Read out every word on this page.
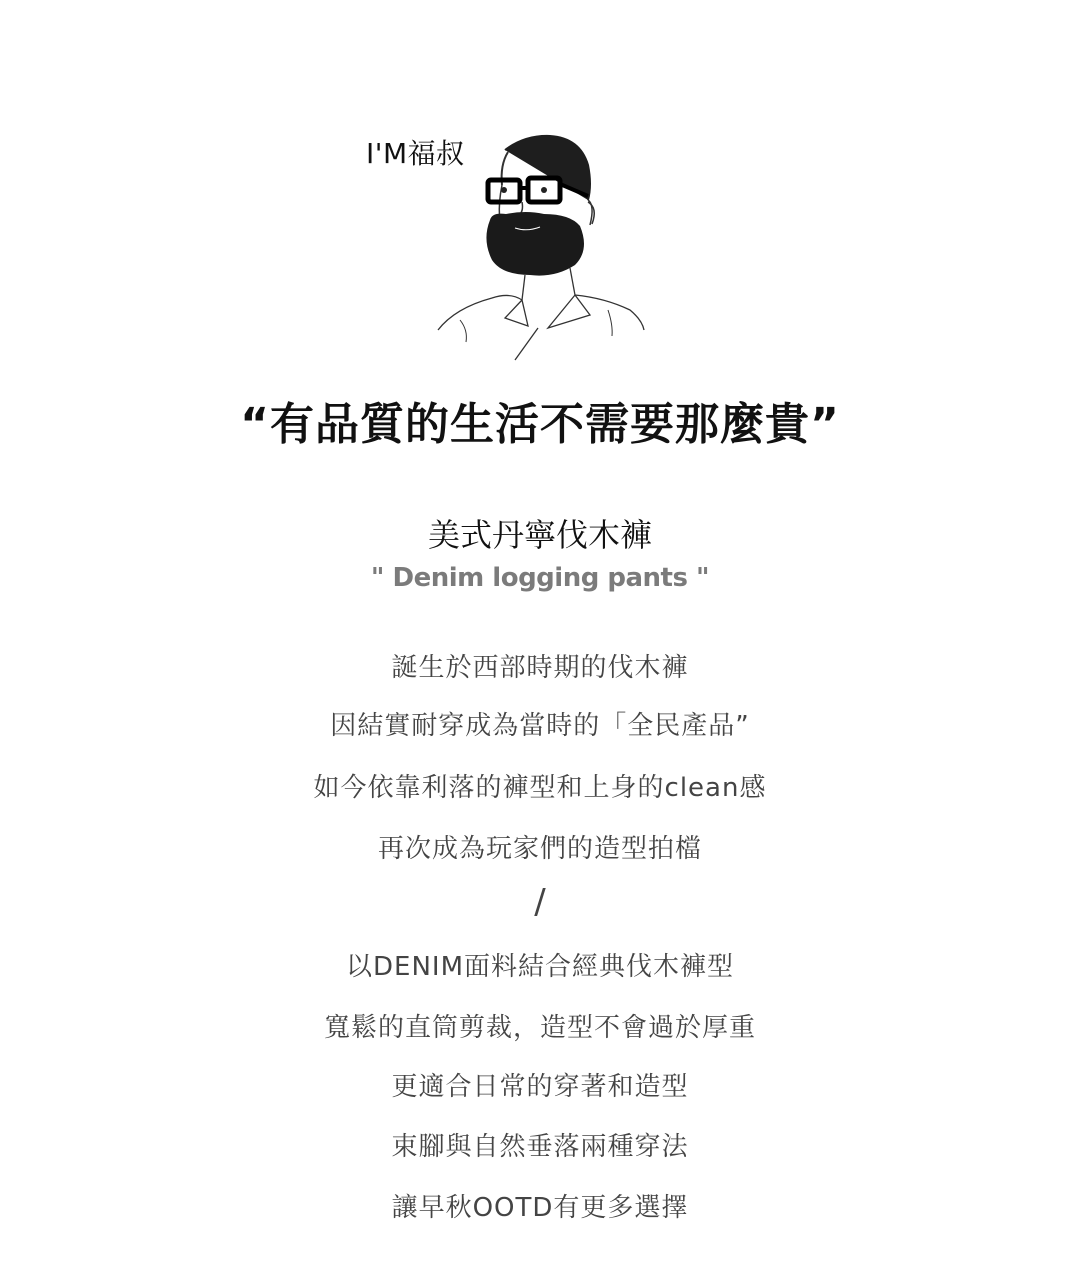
I'M福叔
“有品質的生活不需要那麼貴”
美式丹寧伐木褲
" Denim logging pants "
誕生於西部時期的伐木褲
因結實耐穿成為當時的「全民產品”
如今依靠利落的褲型和上身的clean感
再次成為玩家們的造型拍檔
/
以DENIM面料結合經典伐木褲型
寬鬆的直筒剪裁，造型不會過於厚重
更適合日常的穿著和造型
束腳與自然垂落兩種穿法
讓早秋OOTD有更多選擇
